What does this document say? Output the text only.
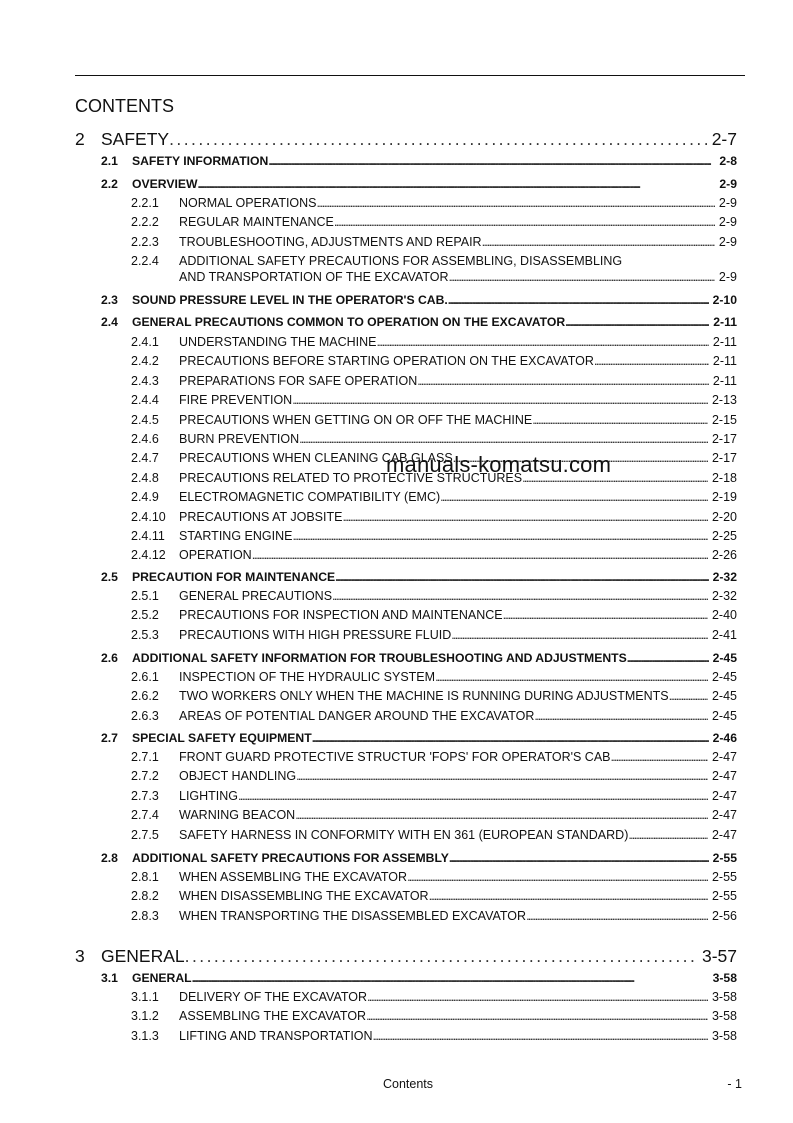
CONTENTS
2 SAFETY . . .	2-7
2.1	SAFETY INFORMATION . . .	2-8
2.2	OVERVIEW . . .	2-9
2.2.1	NORMAL OPERATIONS . . .	2-9
2.2.2	REGULAR MAINTENANCE . . .	2-9
2.2.3	TROUBLESHOOTING, ADJUSTMENTS AND REPAIR . . .	2-9
2.2.4	ADDITIONAL SAFETY PRECAUTIONS FOR ASSEMBLING, DISASSEMBLING
AND TRANSPORTATION OF THE EXCAVATOR . . .	2-9
2.3	SOUND PRESSURE LEVEL IN THE OPERATOR'S CAB. . . .	2-10
2.4	GENERAL PRECAUTIONS COMMON TO OPERATION ON THE EXCAVATOR . . .	2-11
2.4.1	UNDERSTANDING THE MACHINE . . .	2-11
2.4.2	PRECAUTIONS BEFORE STARTING OPERATION ON THE EXCAVATOR . . .	2-11
2.4.3	PREPARATIONS FOR SAFE OPERATION . . .	2-11
2.4.4	FIRE PREVENTION . . .	2-13
2.4.5	PRECAUTIONS WHEN GETTING ON OR OFF THE MACHINE . . .	2-15
2.4.6	BURN PREVENTION . . .	2-17
2.4.7	PRECAUTIONS WHEN CLEANING CAB GLASS . . .	2-17
2.4.8	PRECAUTIONS RELATED TO PROTECTIVE STRUCTURES . . .	2-18
2.4.9	ELECTROMAGNETIC COMPATIBILITY (EMC) . . .	2-19
2.4.10	PRECAUTIONS AT JOBSITE . . .	2-20
2.4.11	STARTING ENGINE . . .	2-25
2.4.12	OPERATION . . .	2-26
2.5	PRECAUTION FOR MAINTENANCE . . .	2-32
2.5.1	GENERAL PRECAUTIONS . . .	2-32
2.5.2	PRECAUTIONS FOR INSPECTION AND MAINTENANCE . . .	2-40
2.5.3	PRECAUTIONS WITH HIGH PRESSURE FLUID . . .	2-41
2.6	ADDITIONAL SAFETY INFORMATION FOR TROUBLESHOOTING AND ADJUSTMENTS . . .	2-45
2.6.1	INSPECTION OF THE HYDRAULIC SYSTEM . . .	2-45
2.6.2	TWO WORKERS ONLY WHEN THE MACHINE IS RUNNING DURING ADJUSTMENTS . . .	2-45
2.6.3	AREAS OF POTENTIAL DANGER AROUND THE EXCAVATOR . . .	2-45
2.7	SPECIAL SAFETY EQUIPMENT . . .	2-46
2.7.1	FRONT GUARD PROTECTIVE STRUCTUR 'FOPS' FOR OPERATOR'S CAB . . .	2-47
2.7.2	OBJECT HANDLING . . .	2-47
2.7.3	LIGHTING . . .	2-47
2.7.4	WARNING BEACON . . .	2-47
2.7.5	SAFETY HARNESS IN CONFORMITY WITH EN 361 (EUROPEAN STANDARD) . . .	2-47
2.8	ADDITIONAL SAFETY PRECAUTIONS FOR ASSEMBLY . . .	2-55
2.8.1	WHEN ASSEMBLING THE EXCAVATOR . . .	2-55
2.8.2	WHEN DISASSEMBLING THE EXCAVATOR . . .	2-55
2.8.3	WHEN TRANSPORTING THE DISASSEMBLED EXCAVATOR . . .	2-56
3 GENERAL . . .	3-57
3.1	GENERAL . . .	3-58
3.1.1	DELIVERY OF THE EXCAVATOR . . .	3-58
3.1.2	ASSEMBLING THE EXCAVATOR . . .	3-58
3.1.3	LIFTING AND TRANSPORTATION . . .	3-58
manuals-komatsu.com
Contents	- 1
